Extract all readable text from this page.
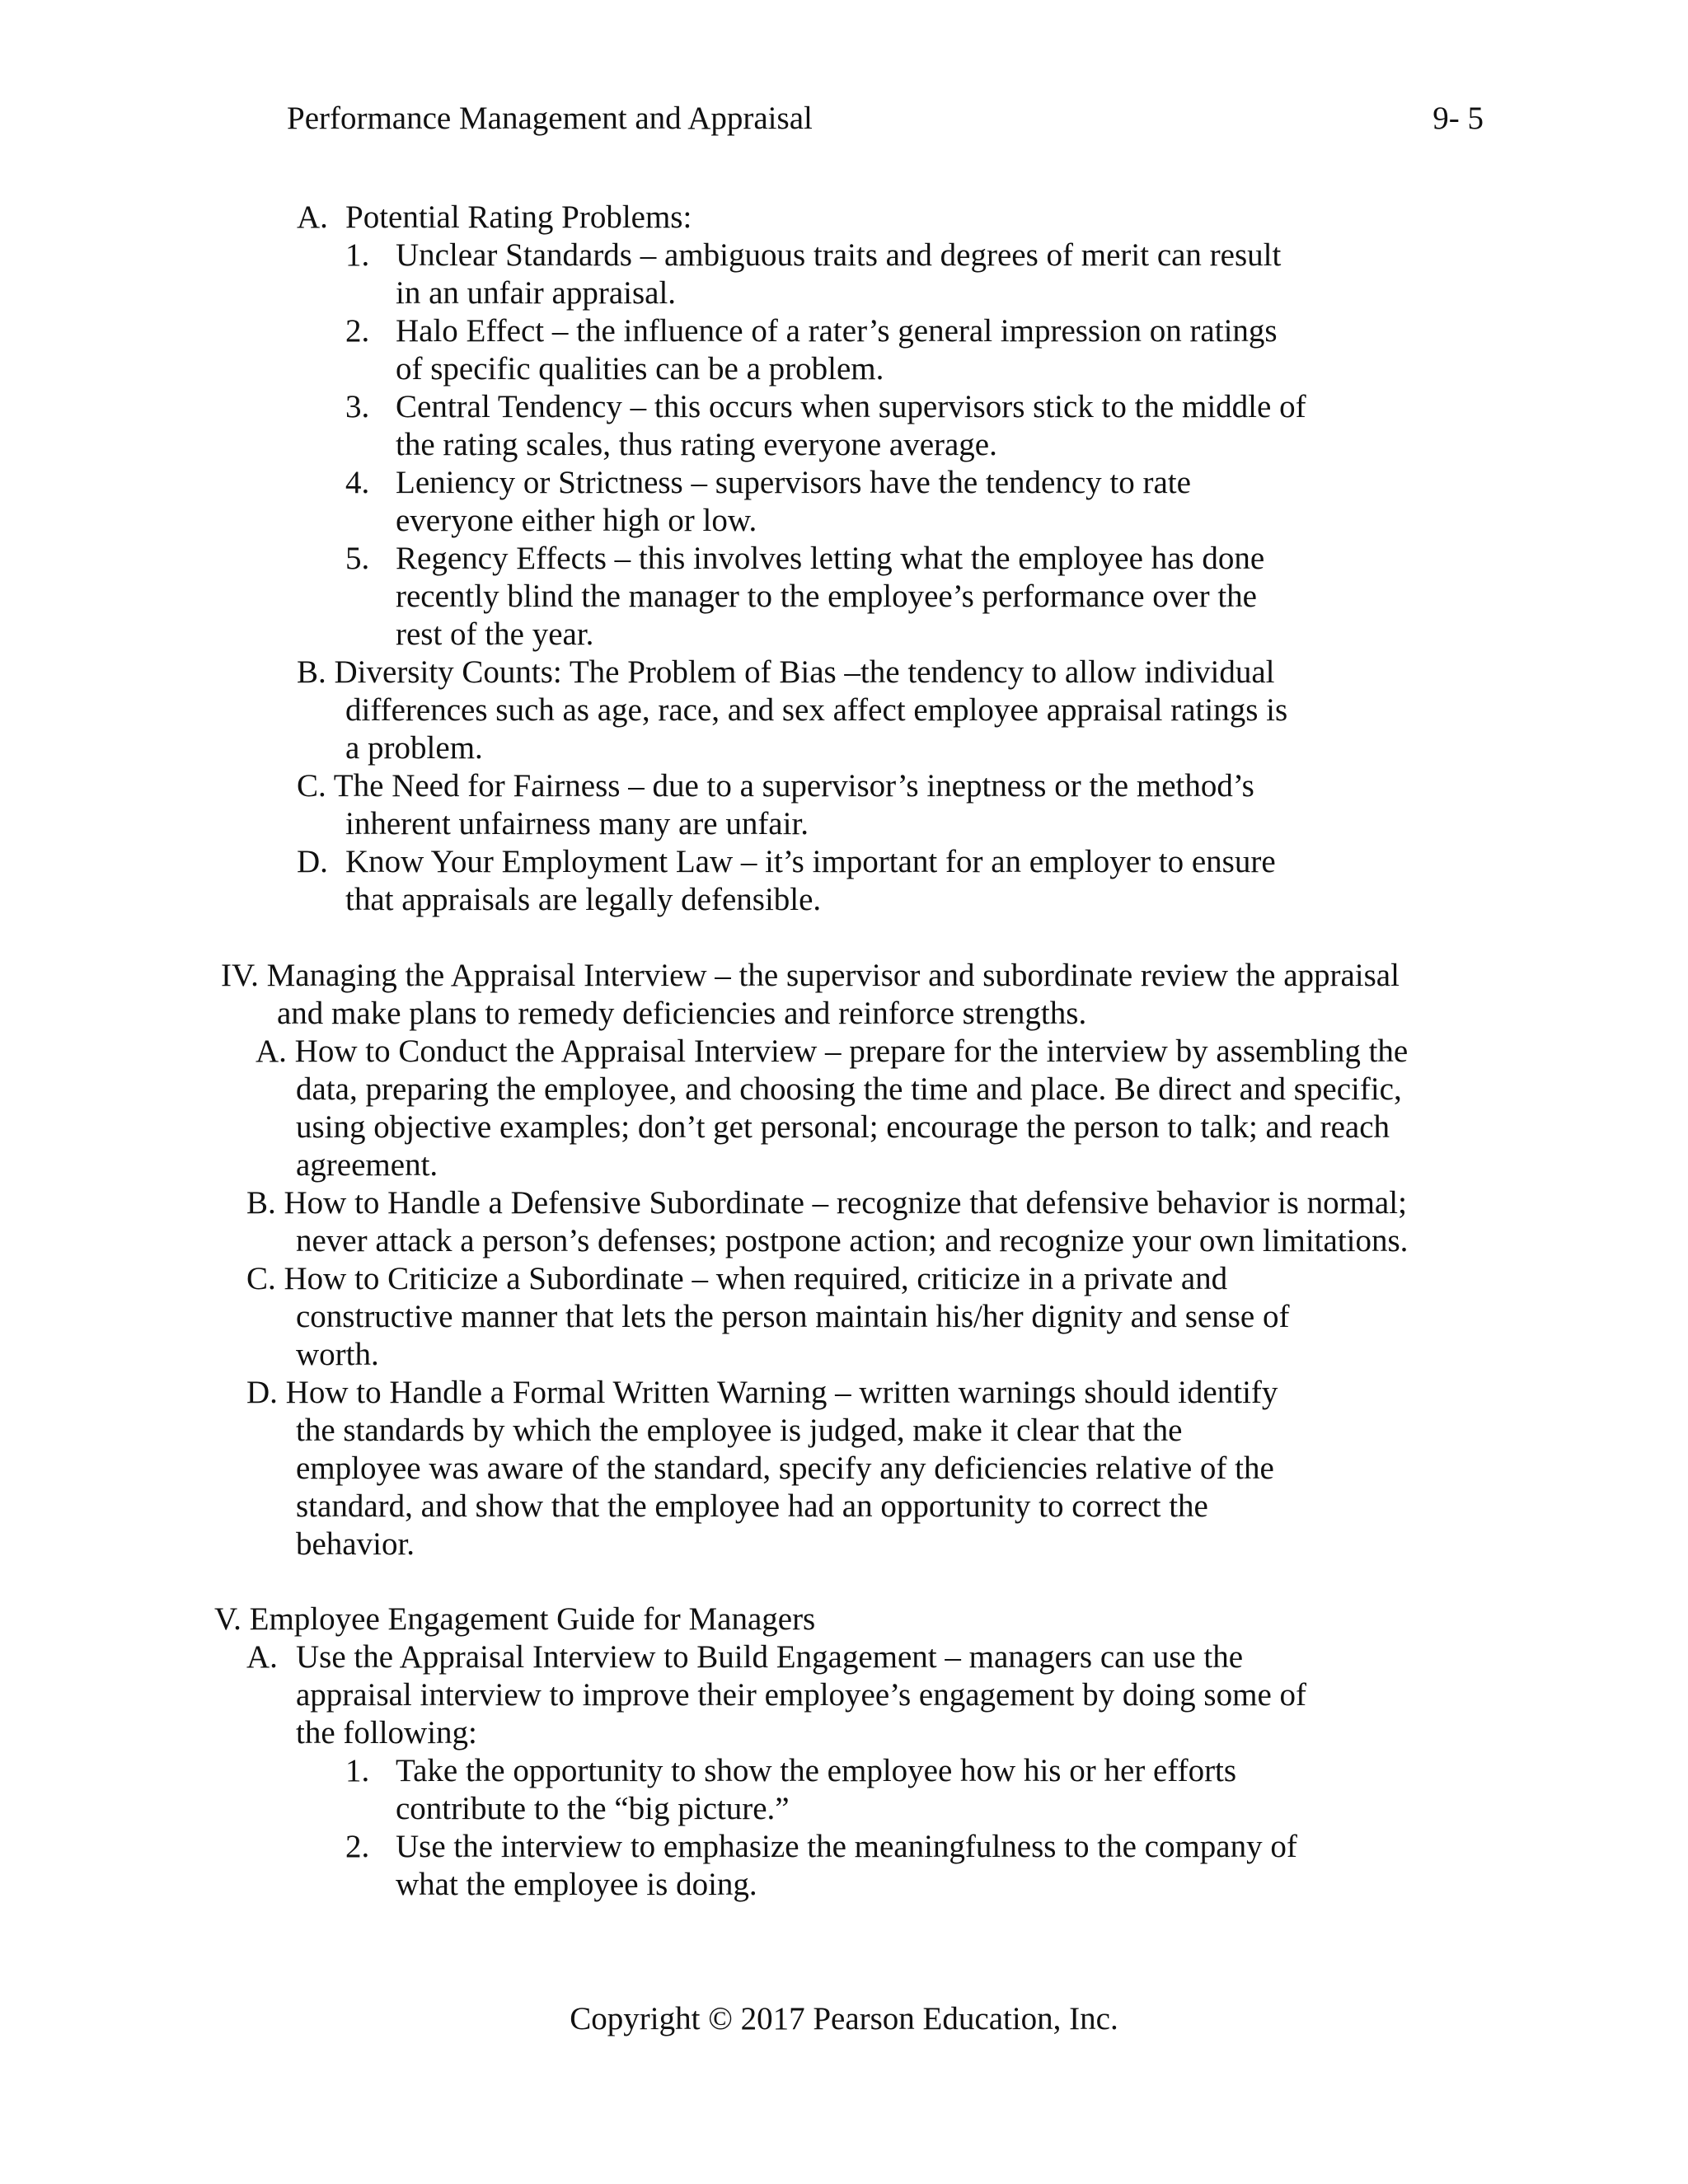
Performance Management and Appraisal	9- 5
A. Potential Rating Problems:
1. Unclear Standards – ambiguous traits and degrees of merit can result
in an unfair appraisal.
2. Halo Effect – the influence of a rater’s general impression on ratings
of specific qualities can be a problem.
3. Central Tendency – this occurs when supervisors stick to the middle of
the rating scales, thus rating everyone average.
4. Leniency or Strictness – supervisors have the tendency to rate
everyone either high or low.
5. Regency Effects – this involves letting what the employee has done
recently blind the manager to the employee’s performance over the
rest of the year.
B. Diversity Counts: The Problem of Bias –the tendency to allow individual
differences such as age, race, and sex affect employee appraisal ratings is
a problem.
C. The Need for Fairness – due to a supervisor’s ineptness or the method’s
inherent unfairness many are unfair.
D. Know Your Employment Law – it’s important for an employer to ensure
that appraisals are legally defensible.
IV. Managing the Appraisal Interview – the supervisor and subordinate review the appraisal
and make plans to remedy deficiencies and reinforce strengths.
A. How to Conduct the Appraisal Interview – prepare for the interview by assembling the
data, preparing the employee, and choosing the time and place. Be direct and specific,
using objective examples; don’t get personal; encourage the person to talk; and reach
agreement.
B. How to Handle a Defensive Subordinate – recognize that defensive behavior is normal;
never attack a person’s defenses; postpone action; and recognize your own limitations.
C. How to Criticize a Subordinate – when required, criticize in a private and
constructive manner that lets the person maintain his/her dignity and sense of
worth.
D. How to Handle a Formal Written Warning – written warnings should identify
the standards by which the employee is judged, make it clear that the
employee was aware of the standard, specify any deficiencies relative of the
standard, and show that the employee had an opportunity to correct the
behavior.
V. Employee Engagement Guide for Managers
A. Use the Appraisal Interview to Build Engagement – managers can use the
appraisal interview to improve their employee’s engagement by doing some of
the following:
1. Take the opportunity to show the employee how his or her efforts
contribute to the “big picture.”
2. Use the interview to emphasize the meaningfulness to the company of
what the employee is doing.
Copyright © 2017 Pearson Education, Inc.
